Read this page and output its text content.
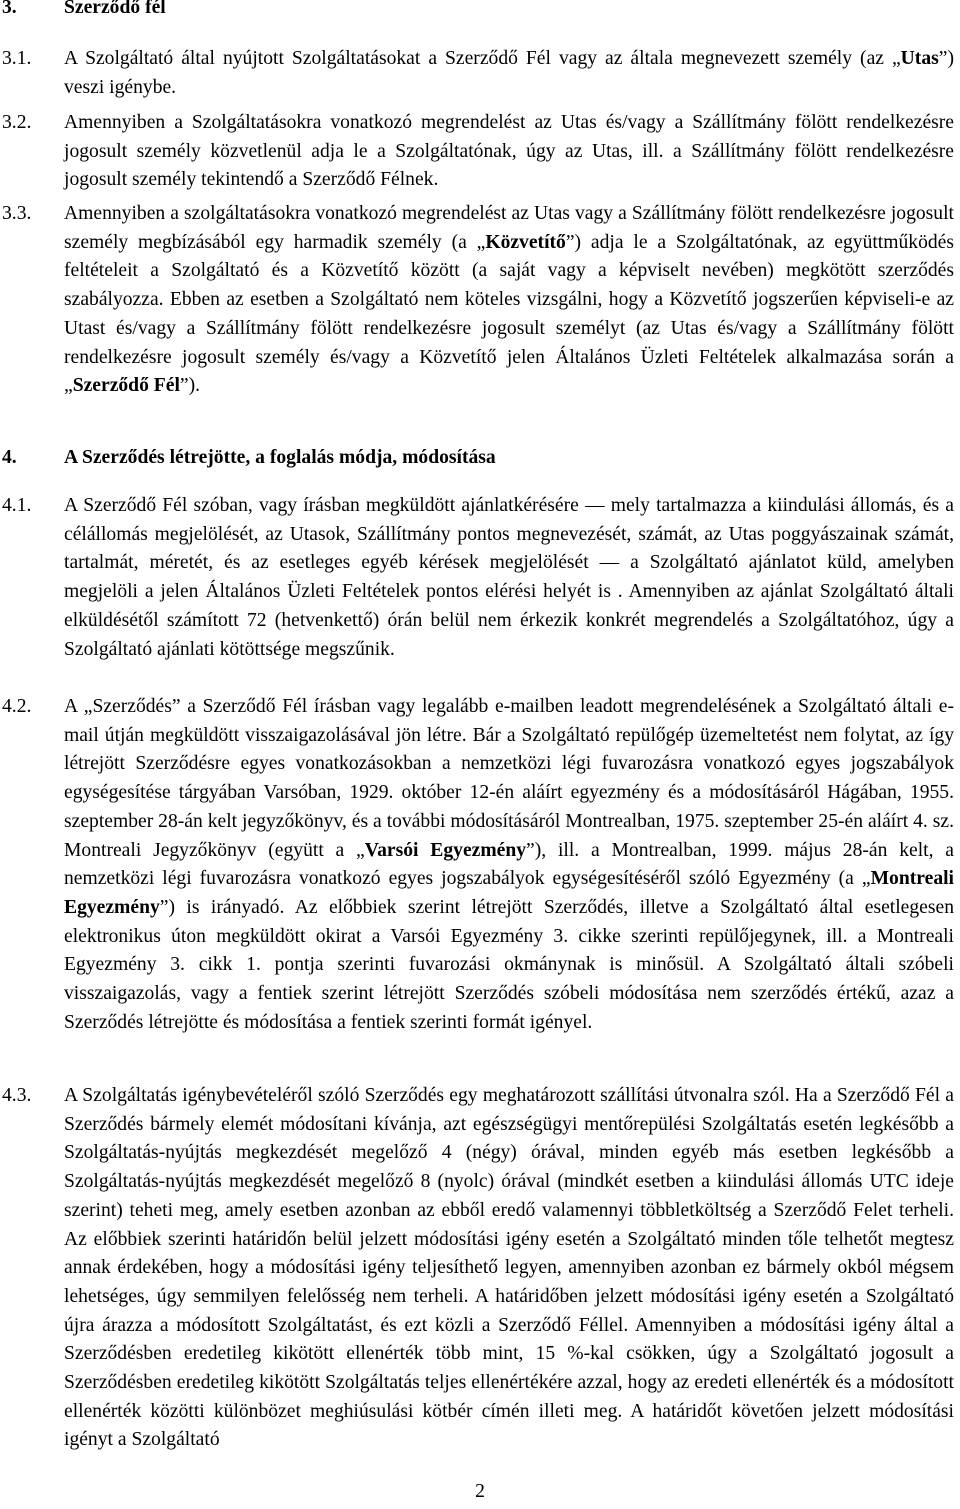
3. Szerződő fél
3.1. A Szolgáltató által nyújtott Szolgáltatásokat a Szerződő Fél vagy az általa megnevezett személy (az „Utas”) veszi igénybe.
3.2. Amennyiben a Szolgáltatásokra vonatkozó megrendelést az Utas és/vagy a Szállítmány fölött rendelkezésre jogosult személy közvetlenül adja le a Szolgáltatónak, úgy az Utas, ill. a Szállítmány fölött rendelkezésre jogosult személy tekintendő a Szerződő Félnek.
3.3. Amennyiben a szolgáltatásokra vonatkozó megrendelést az Utas vagy a Szállítmány fölött rendelkezésre jogosult személy megbízásából egy harmadik személy (a „Közvetítő”) adja le a Szolgáltatónak, az együttműködés feltételeit a Szolgáltató és a Közvetítő között (a saját vagy a képviselt nevében) megkötött szerződés szabályozza. Ebben az esetben a Szolgáltató nem köteles vizsgálni, hogy a Közvetítő jogszerűen képviseli-e az Utast és/vagy a Szállítmány fölött rendelkezésre jogosult személyt (az Utas és/vagy a Szállítmány fölött rendelkezésre jogosult személy és/vagy a Közvetítő jelen Általános Üzleti Feltételek alkalmazása során a „Szerződő Fél”).
4. A Szerződés létrejötte, a foglalás módja, módosítása
4.1. A Szerződő Fél szóban, vagy írásban megküldött ajánlatkérésére ― mely tartalmazza a kiindulási állomás, és a célállomás megjelölését, az Utasok, Szállítmány pontos megnevezését, számát, az Utas poggyászainak számát, tartalmát, méretét, és az esetleges egyéb kérések megjelölését ― a Szolgáltató ajánlatot küld, amelyben megjelöli a jelen Általános Üzleti Feltételek pontos elérési helyét is . Amennyiben az ajánlat Szolgáltató általi elküldésétől számított 72 (hetvenkettő) órán belül nem érkezik konkrét megrendelés a Szolgáltatóhoz, úgy a Szolgáltató ajánlati kötöttsége megszűnik.
4.2. A „Szerződés” a Szerződő Fél írásban vagy legalább e-mailben leadott megrendelésének a Szolgáltató általi e-mail útján megküldött visszaigazolásával jön létre. Bár a Szolgáltató repülőgép üzemeltetést nem folytat, az így létrejött Szerződésre egyes vonatkozásokban a nemzetközi légi fuvarozásra vonatkozó egyes jogszabályok egységesítése tárgyában Varsóban, 1929. október 12-én aláírt egyezmény és a módosításáról Hágában, 1955. szeptember 28-án kelt jegyzőkönyv, és a további módosításáról Montrealban, 1975. szeptember 25-én aláírt 4. sz. Montreali Jegyzőkönyv (együtt a „Varsói Egyezmény”), ill. a Montrealban, 1999. május 28-án kelt, a nemzetközi légi fuvarozásra vonatkozó egyes jogszabályok egységesítéséről szóló Egyezmény (a „Montreali Egyezmény”) is irányadó. Az előbbiek szerint létrejött Szerződés, illetve a Szolgáltató által esetlegesen elektronikus úton megküldött okirat a Varsói Egyezmény 3. cikke szerinti repülőjegynek, ill. a Montreali Egyezmény 3. cikk 1. pontja szerinti fuvarozási okmánynak is minősül. A Szolgáltató általi szóbeli visszaigazolás, vagy a fentiek szerint létrejött Szerződés szóbeli módosítása nem szerződés értékű, azaz a Szerződés létrejötte és módosítása a fentiek szerinti formát igényel.
4.3. A Szolgáltatás igénybevételéről szóló Szerződés egy meghatározott szállítási útvonalra szól. Ha a Szerződő Fél a Szerződés bármely elemét módosítani kívánja, azt egészségügyi mentőrepülési Szolgáltatás esetén legkésőbb a Szolgáltatás-nyújtás megkezdését megelőző 4 (négy) órával, minden egyéb más esetben legkésőbb a Szolgáltatás-nyújtás megkezdését megelőző 8 (nyolc) órával (mindkét esetben a kiindulási állomás UTC ideje szerint) teheti meg, amely esetben azonban az ebből eredő valamennyi többletköltség a Szerződő Felet terheli. Az előbbiek szerinti határidőn belül jelzett módosítási igény esetén a Szolgáltató minden tőle telhetőt megtesz annak érdekében, hogy a módosítási igény teljesíthető legyen, amennyiben azonban ez bármely okból mégsem lehetséges, úgy semmilyen felelősség nem terheli. A határidőben jelzett módosítási igény esetén a Szolgáltató újra árazza a módosított Szolgáltatást, és ezt közli a Szerződő Féllel. Amennyiben a módosítási igény által a Szerződésben eredetileg kikötött ellenérték több mint, 15 %-kal csökken, úgy a Szolgáltató jogosult a Szerződésben eredetileg kikötött Szolgáltatás teljes ellenértékére azzal, hogy az eredeti ellenérték és a módosított ellenérték közötti különbözet meghiúsulási kötbér címén illeti meg. A határidőt követően jelzett módosítási igényt a Szolgáltató
2
